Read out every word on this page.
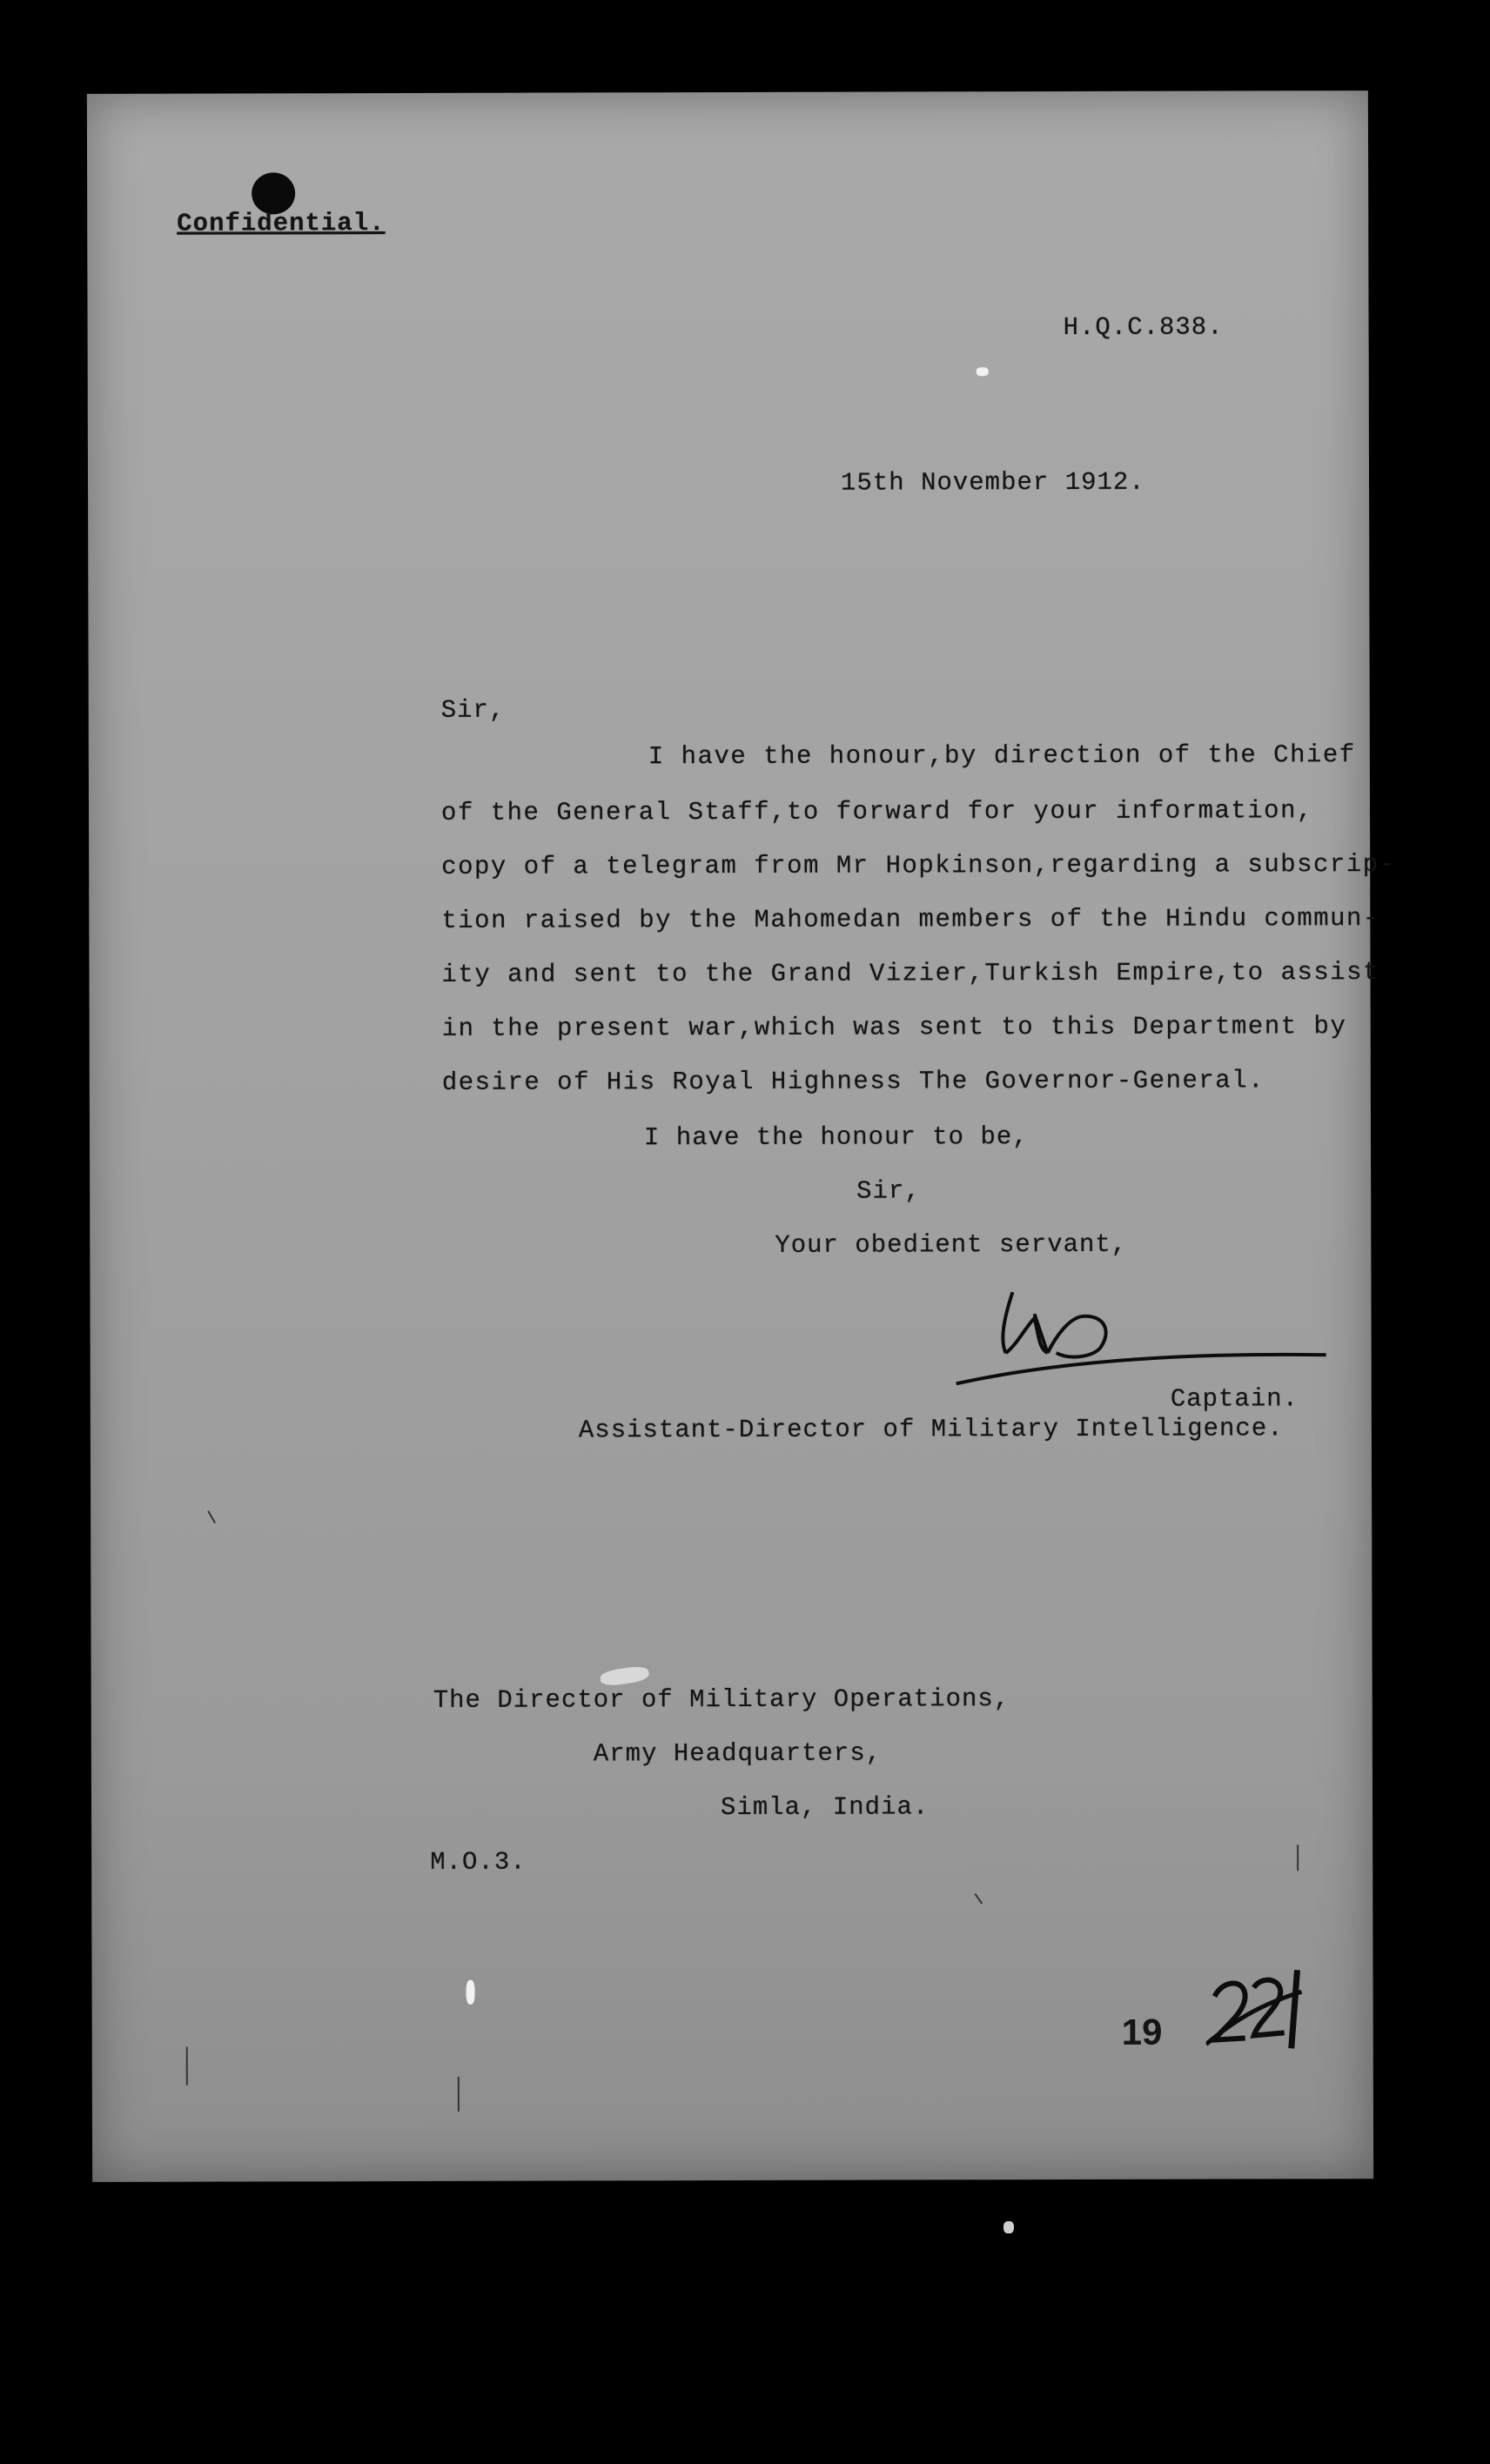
Confidential.
H.Q.C.838.
15th November 1912.
Sir,
I have the honour,by direction of the Chief
of the General Staff,to forward for your information,
copy of a telegram from Mr Hopkinson,regarding a subscrip-
tion raised by the Mahomedan members of the Hindu commun-
ity and sent to the Grand Vizier,Turkish Empire,to assist
in the present war,which was sent to this Department by
desire of His Royal Highness The Governor-General.
I have the honour to be,
Sir,
Your obedient servant,
Captain.
Assistant-Director of Military Intelligence.
The Director of Military Operations,
Army Headquarters,
Simla, India.
M.O.3.
19
